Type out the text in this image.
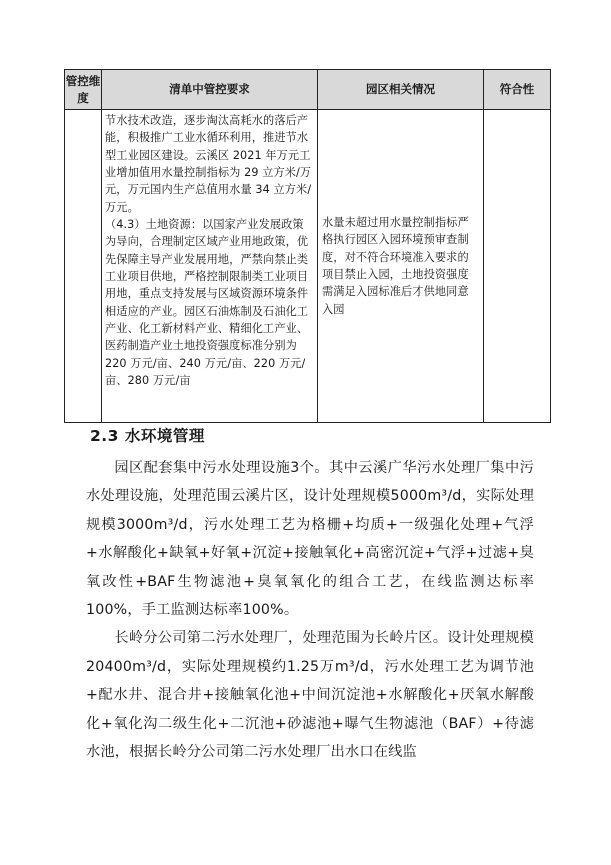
管控维度	清单中管控要求	园区相关情况	符合性

	节水技术改造，逐步淘汰高耗水的落后产能，积极推广工业水循环利用，推进节水型工业园区建设。云溪区 2021 年万元工业增加值用水量控制指标为 29 立方米/万元，万元国内生产总值用水量 34 立方米/万元。

（4.3）土地资源：以国家产业发展政策为导向，合理制定区域产业用地政策，优先保障主导产业发展用地，严禁向禁止类工业项目供地，严格控制限制类工业项目用地，重点支持发展与区域资源环境条件相适应的产业。园区石油炼制及石油化工产业、化工新材料产业、精细化工产业、医药制造产业土地投资强度标准分别为 220 万元/亩、240 万元/亩、220 万元/亩、280 万元/亩	水量未超过用水量控制指标严格执行园区入园环境预审查制度，对不符合环境准入要求的项目禁止入园，土地投资强度需满足入园标准后才供地同意入园	

2.3 水环境管理

园区配套集中污水处理设施3个。其中云溪广华污水处理厂集中污水处理设施，处理范围云溪片区，设计处理规模5000m³/d，实际处理规模3000m³/d，污水处理工艺为格栅+均质+一级强化处理+气浮+水解酸化+缺氧+好氧+沉淀+接触氧化+高密沉淀+气浮+过滤+臭氧改性+BAF生物滤池+臭氧氧化的组合工艺，在线监测达标率100%，手工监测达标率100%。

长岭分公司第二污水处理厂，处理范围为长岭片区。设计处理规模20400m³/d，实际处理规模约1.25万m³/d，污水处理工艺为调节池+配水井、混合井+接触氧化池+中间沉淀池+水解酸化+厌氧水解酸化+氧化沟二级生化+二沉池+砂滤池+曝气生物滤池（BAF）+待滤水池，根据长岭分公司第二污水处理厂出水口在线监
